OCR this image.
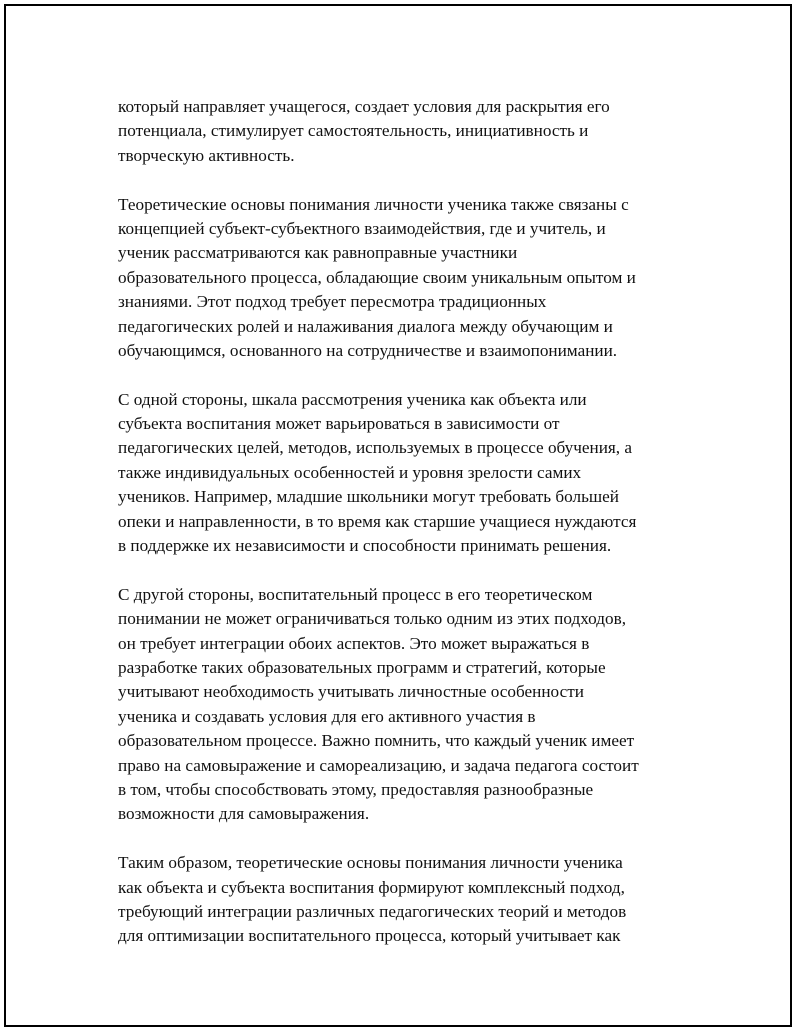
который направляет учащегося, создает условия для раскрытия его
потенциала, стимулирует самостоятельность, инициативность и
творческую активность.
Теоретические основы понимания личности ученика также связаны с
концепцией субъект-субъектного взаимодействия, где и учитель, и
ученик рассматриваются как равноправные участники
образовательного процесса, обладающие своим уникальным опытом и
знаниями. Этот подход требует пересмотра традиционных
педагогических ролей и налаживания диалога между обучающим и
обучающимся, основанного на сотрудничестве и взаимопонимании.
С одной стороны, шкала рассмотрения ученика как объекта или
субъекта воспитания может варьироваться в зависимости от
педагогических целей, методов, используемых в процессе обучения, а
также индивидуальных особенностей и уровня зрелости самих
учеников. Например, младшие школьники могут требовать большей
опеки и направленности, в то время как старшие учащиеся нуждаются
в поддержке их независимости и способности принимать решения.
С другой стороны, воспитательный процесс в его теоретическом
понимании не может ограничиваться только одним из этих подходов,
он требует интеграции обоих аспектов. Это может выражаться в
разработке таких образовательных программ и стратегий, которые
учитывают необходимость учитывать личностные особенности
ученика и создавать условия для его активного участия в
образовательном процессе. Важно помнить, что каждый ученик имеет
право на самовыражение и самореализацию, и задача педагога состоит
в том, чтобы способствовать этому, предоставляя разнообразные
возможности для самовыражения.
Таким образом, теоретические основы понимания личности ученика
как объекта и субъекта воспитания формируют комплексный подход,
требующий интеграции различных педагогических теорий и методов
для оптимизации воспитательного процесса, который учитывает как
